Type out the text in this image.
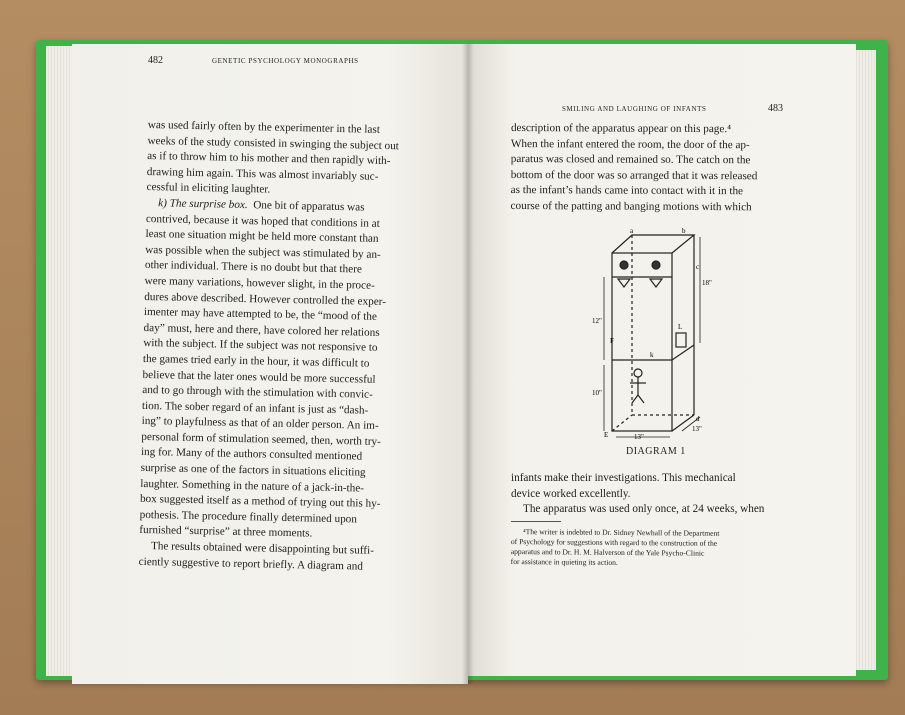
482	GENETIC PSYCHOLOGY MONOGRAPHS
was used fairly often by the experimenter in the last
weeks of the study consisted in swinging the subject out
as if to throw him to his mother and then rapidly with-
drawing him again. This was almost invariably suc-
cessful in eliciting laughter.
k) The surprise box. One bit of apparatus was
contrived, because it was hoped that conditions in at
least one situation might be held more constant than
was possible when the subject was stimulated by an-
other individual. There is no doubt but that there
were many variations, however slight, in the proce-
dures above described. However controlled the exper-
imenter may have attempted to be, the “mood of the
day” must, here and there, have colored her relations
with the subject. If the subject was not responsive to
the games tried early in the hour, it was difficult to
believe that the later ones would be more successful
and to go through with the stimulation with convic-
tion. The sober regard of an infant is just as “dash-
ing” to playfulness as that of an older person. An im-
personal form of stimulation seemed, then, worth try-
ing for. Many of the authors consulted mentioned
surprise as one of the factors in situations eliciting
laughter. Something in the nature of a jack-in-the-
box suggested itself as a method of trying out this hy-
pothesis. The procedure finally determined upon
furnished “surprise” at three moments.
The results obtained were disappointing but suffi-
ciently suggestive to report briefly. A diagram and
SMILING AND LAUGHING OF INFANTS	483
description of the apparatus appear on this page.⁴
When the infant entered the room, the door of the ap-
paratus was closed and remained so. The catch on the
bottom of the door was so arranged that it was released
as the infant’s hands came into contact with it in the
course of the patting and banging motions with which
F
k
L
E
a	b
c
d
13"
13"
18"
10"
12"
DIAGRAM 1
infants make their investigations. This mechanical
device worked excellently.
The apparatus was used only once, at 24 weeks, when
⁴The writer is indebted to Dr. Sidney Newhall of the Department
of Psychology for suggestions with regard to the construction of the
apparatus and to Dr. H. M. Halverson of the Yale Psycho-Clinic
for assistance in quieting its action.
